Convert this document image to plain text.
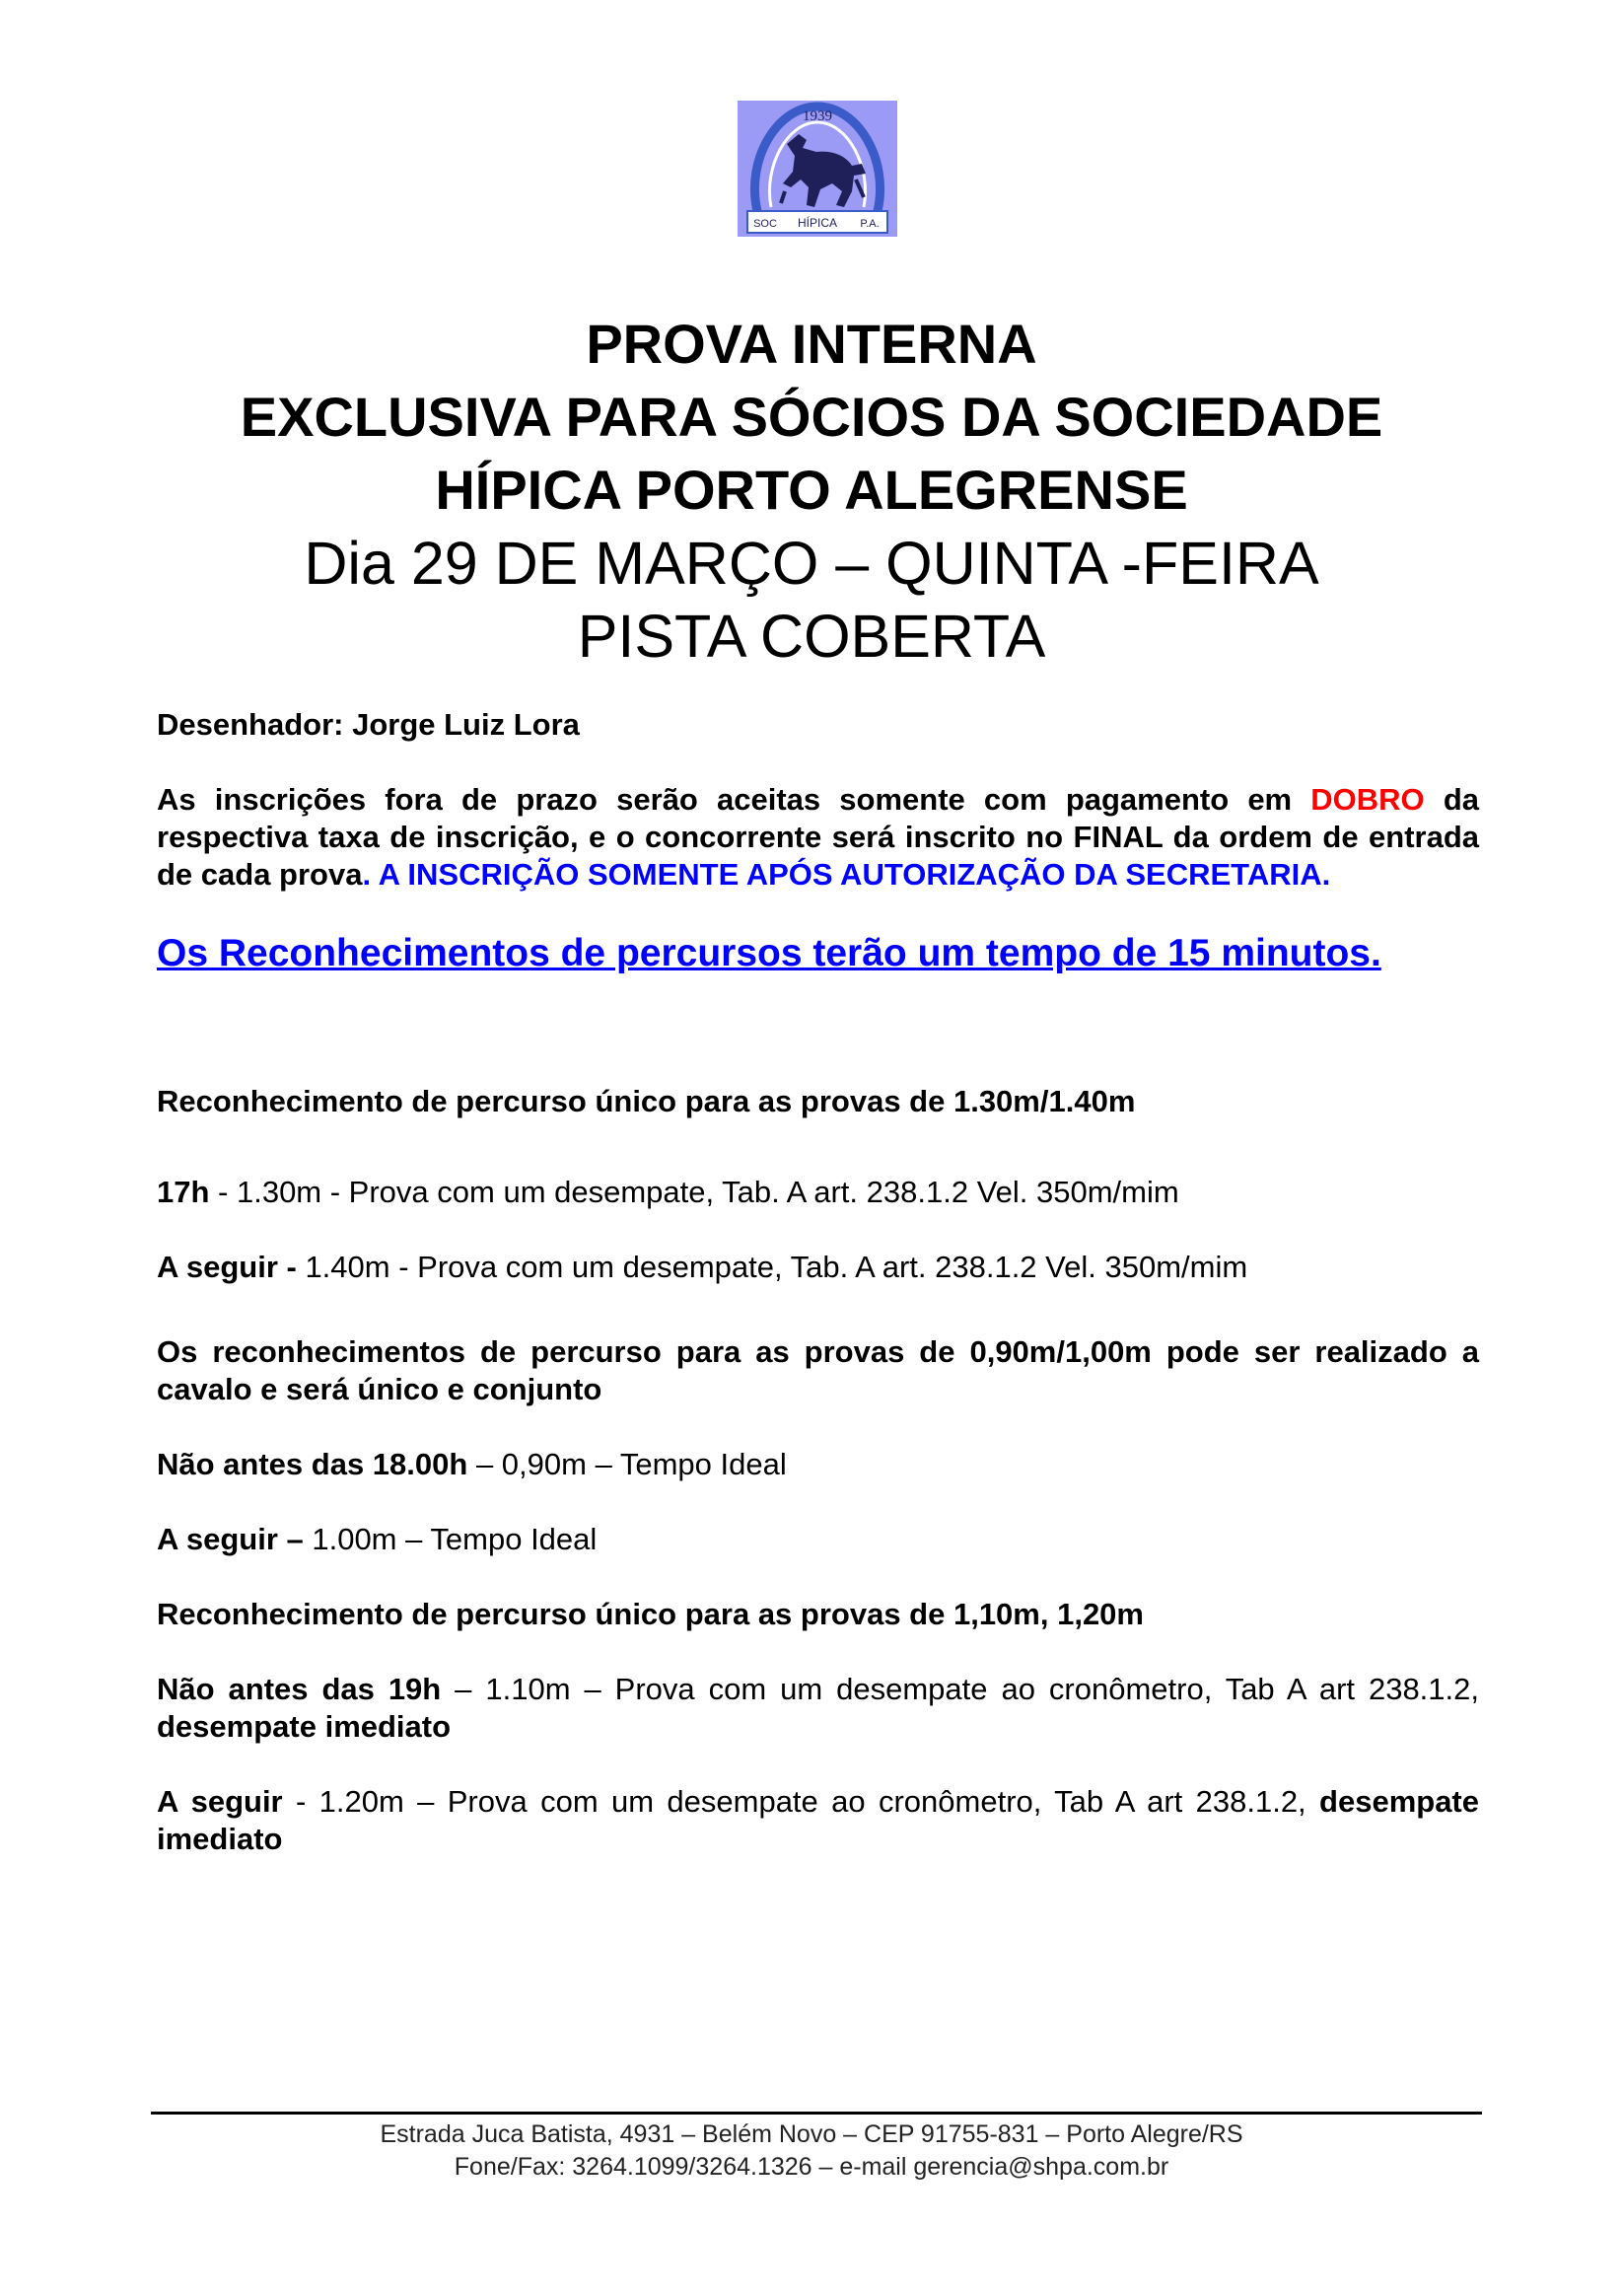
1939
SOC HÍPICA P.A.

PROVA INTERNA

EXCLUSIVA PARA SÓCIOS DA SOCIEDADE

HÍPICA PORTO ALEGRENSE

Dia 29 DE MARÇO – QUINTA -FEIRA

PISTA COBERTA

Desenhador: Jorge Luiz Lora

As inscrições fora de prazo serão aceitas somente com pagamento em DOBRO da respectiva taxa de inscrição, e o concorrente será inscrito no FINAL da ordem de entrada de cada prova. A INSCRIÇÃO SOMENTE APÓS AUTORIZAÇÃO DA SECRETARIA.

Os Reconhecimentos de percursos terão um tempo de 15 minutos.

Reconhecimento de percurso único para as provas de 1.30m/1.40m

17h - 1.30m - Prova com um desempate, Tab. A art. 238.1.2 Vel. 350m/mim

A seguir - 1.40m - Prova com um desempate, Tab. A art. 238.1.2 Vel. 350m/mim

Os reconhecimentos de percurso para as provas de 0,90m/1,00m pode ser realizado a cavalo e será único e conjunto

Não antes das 18.00h – 0,90m – Tempo Ideal

A seguir – 1.00m – Tempo Ideal

Reconhecimento de percurso único para as provas de 1,10m, 1,20m

Não antes das 19h – 1.10m – Prova com um desempate ao cronômetro, Tab A art 238.1.2, desempate imediato

A seguir - 1.20m – Prova com um desempate ao cronômetro, Tab A art 238.1.2, desempate imediato

Estrada Juca Batista, 4931 – Belém Novo – CEP 91755-831 – Porto Alegre/RS
Fone/Fax: 3264.1099/3264.1326 – e-mail gerencia@shpa.com.br
